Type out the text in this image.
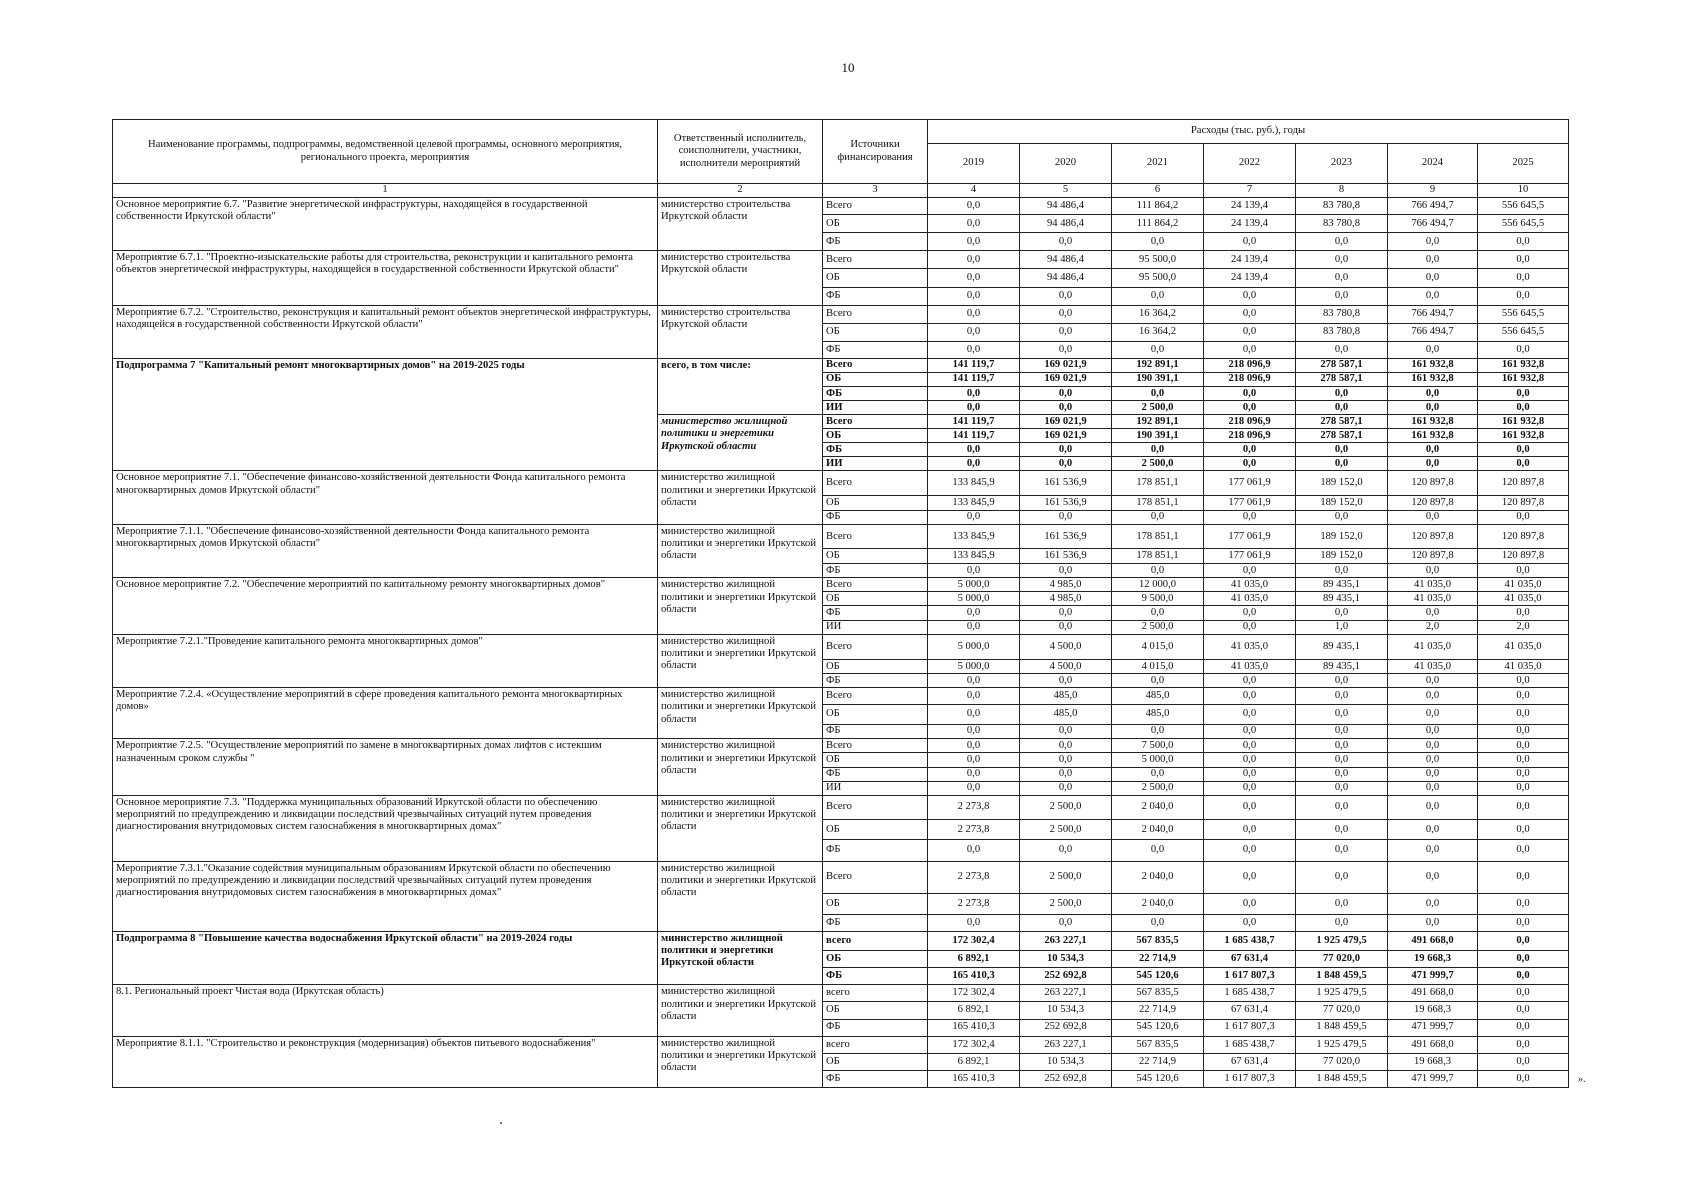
10
Наименование программы, подпрограммы, ведомственной целевой программы, основного мероприятия, регионального проекта, мероприятия	Ответственный исполнитель, соисполнители, участники, исполнители мероприятий	Источники финансирования	Расходы (тыс. руб.), годы						
			2019	2020	2021	2022	2023	2024	2025
1	2	3	4	5	6	7	8	9	10
Основное мероприятие 6.7. "Развитие энергетической инфраструктуры, находящейся в государственной собственности Иркутской области"	министерство строительства Иркутской области	Всего	0,0	94 486,4	111 864,2	24 139,4	83 780,8	766 494,7	556 645,5
		ОБ	0,0	94 486,4	111 864,2	24 139,4	83 780,8	766 494,7	556 645,5
		ФБ	0,0	0,0	0,0	0,0	0,0	0,0	0,0
Мероприятие 6.7.1. "Проектно-изыскательские работы для строительства, реконструкции и капитального ремонта объектов энергетической инфраструктуры, находящейся в государственной собственности Иркутской области"	министерство строительства Иркутской области	Всего	0,0	94 486,4	95 500,0	24 139,4	0,0	0,0	0,0
		ОБ	0,0	94 486,4	95 500,0	24 139,4	0,0	0,0	0,0
		ФБ	0,0	0,0	0,0	0,0	0,0	0,0	0,0
Мероприятие 6.7.2. "Строительство, реконструкция и капитальный ремонт объектов энергетической инфраструктуры, находящейся в государственной собственности Иркутской области"	министерство строительства Иркутской области	Всего	0,0	0,0	16 364,2	0,0	83 780,8	766 494,7	556 645,5
		ОБ	0,0	0,0	16 364,2	0,0	83 780,8	766 494,7	556 645,5
		ФБ	0,0	0,0	0,0	0,0	0,0	0,0	0,0
Подпрограмма 7 "Капитальный ремонт многоквартирных домов" на 2019-2025 годы	всего, в том числе:	Всего	141 119,7	169 021,9	192 891,1	218 096,9	278 587,1	161 932,8	161 932,8
		ОБ	141 119,7	169 021,9	190 391,1	218 096,9	278 587,1	161 932,8	161 932,8
		ФБ	0,0	0,0	0,0	0,0	0,0	0,0	0,0
		ИИ	0,0	0,0	2 500,0	0,0	0,0	0,0	0,0
	министерство жилищной политики и энергетики Иркутской области	Всего	141 119,7	169 021,9	192 891,1	218 096,9	278 587,1	161 932,8	161 932,8
		ОБ	141 119,7	169 021,9	190 391,1	218 096,9	278 587,1	161 932,8	161 932,8
		ФБ	0,0	0,0	0,0	0,0	0,0	0,0	0,0
		ИИ	0,0	0,0	2 500,0	0,0	0,0	0,0	0,0
Основное мероприятие 7.1. "Обеспечение финансово-хозяйственной деятельности Фонда капитального ремонта многоквартирных домов Иркутской области"	министерство жилищной политики и энергетики Иркутской области	Всего	133 845,9	161 536,9	178 851,1	177 061,9	189 152,0	120 897,8	120 897,8
		ОБ	133 845,9	161 536,9	178 851,1	177 061,9	189 152,0	120 897,8	120 897,8
		ФБ	0,0	0,0	0,0	0,0	0,0	0,0	0,0
Мероприятие 7.1.1. "Обеспечение финансово-хозяйственной деятельности Фонда капитального ремонта многоквартирных домов Иркутской области"	министерство жилищной политики и энергетики Иркутской области	Всего	133 845,9	161 536,9	178 851,1	177 061,9	189 152,0	120 897,8	120 897,8
		ОБ	133 845,9	161 536,9	178 851,1	177 061,9	189 152,0	120 897,8	120 897,8
		ФБ	0,0	0,0	0,0	0,0	0,0	0,0	0,0
Основное мероприятие 7.2. "Обеспечение мероприятий по капитальному ремонту многоквартирных домов"	министерство жилищной политики и энергетики Иркутской области	Всего	5 000,0	4 985,0	12 000,0	41 035,0	89 435,1	41 035,0	41 035,0
		ОБ	5 000,0	4 985,0	9 500,0	41 035,0	89 435,1	41 035,0	41 035,0
		ФБ	0,0	0,0	0,0	0,0	0,0	0,0	0,0
		ИИ	0,0	0,0	2 500,0	0,0	1,0	2,0	2,0
Мероприятие 7.2.1."Проведение капитального ремонта многоквартирных домов"	министерство жилищной политики и энергетики Иркутской области	Всего	5 000,0	4 500,0	4 015,0	41 035,0	89 435,1	41 035,0	41 035,0
		ОБ	5 000,0	4 500,0	4 015,0	41 035,0	89 435,1	41 035,0	41 035,0
		ФБ	0,0	0,0	0,0	0,0	0,0	0,0	0,0
Мероприятие 7.2.4. «Осуществление мероприятий в сфере проведения капитального ремонта многоквартирных домов»	министерство жилищной политики и энергетики Иркутской области	Всего	0,0	485,0	485,0	0,0	0,0	0,0	0,0
		ОБ	0,0	485,0	485,0	0,0	0,0	0,0	0,0
		ФБ	0,0	0,0	0,0	0,0	0,0	0,0	0,0
Мероприятие 7.2.5. "Осуществление мероприятий по замене в многоквартирных домах лифтов с истекшим назначенным сроком службы "	министерство жилищной политики и энергетики Иркутской области	Всего	0,0	0,0	7 500,0	0,0	0,0	0,0	0,0
		ОБ	0,0	0,0	5 000,0	0,0	0,0	0,0	0,0
		ФБ	0,0	0,0	0,0	0,0	0,0	0,0	0,0
		ИИ	0,0	0,0	2 500,0	0,0	0,0	0,0	0,0
Основное мероприятие 7.3. "Поддержка муниципальных образований Иркутской области по обеспечению мероприятий по предупреждению и ликвидации последствий чрезвычайных ситуаций путем проведения диагностирования внутридомовых систем газоснабжения в многоквартирных домах"	министерство жилищной политики и энергетики Иркутской области	Всего	2 273,8	2 500,0	2 040,0	0,0	0,0	0,0	0,0
		ОБ	2 273,8	2 500,0	2 040,0	0,0	0,0	0,0	0,0
		ФБ	0,0	0,0	0,0	0,0	0,0	0,0	0,0
Мероприятие 7.3.1."Оказание содействия муниципальным образованиям Иркутской области по обеспечению мероприятий по предупреждению и ликвидации последствий чрезвычайных ситуаций путем проведения диагностирования внутридомовых систем газоснабжения в многоквартирных домах"	министерство жилищной политики и энергетики Иркутской области	Всего	2 273,8	2 500,0	2 040,0	0,0	0,0	0,0	0,0
		ОБ	2 273,8	2 500,0	2 040,0	0,0	0,0	0,0	0,0
		ФБ	0,0	0,0	0,0	0,0	0,0	0,0	0,0
Подпрограмма 8 "Повышение качества водоснабжения Иркутской области" на 2019-2024 годы	министерство жилищной политики и энергетики Иркутской области	всего	172 302,4	263 227,1	567 835,5	1 685 438,7	1 925 479,5	491 668,0	0,0
		ОБ	6 892,1	10 534,3	22 714,9	67 631,4	77 020,0	19 668,3	0,0
		ФБ	165 410,3	252 692,8	545 120,6	1 617 807,3	1 848 459,5	471 999,7	0,0
8.1. Региональный проект Чистая вода (Иркутская область)	министерство жилищной политики и энергетики Иркутской области	всего	172 302,4	263 227,1	567 835,5	1 685 438,7	1 925 479,5	491 668,0	0,0
		ОБ	6 892,1	10 534,3	22 714,9	67 631,4	77 020,0	19 668,3	0,0
		ФБ	165 410,3	252 692,8	545 120,6	1 617 807,3	1 848 459,5	471 999,7	0,0
Мероприятие 8.1.1. "Строительство и реконструкция (модернизация) объектов питьевого водоснабжения"	министерство жилищной политики и энергетики Иркутской области	всего	172 302,4	263 227,1	567 835,5	1 685 438,7	1 925 479,5	491 668,0	0,0
		ОБ	6 892,1	10 534,3	22 714,9	67 631,4	77 020,0	19 668,3	0,0
		ФБ	165 410,3	252 692,8	545 120,6	1 617 807,3	1 848 459,5	471 999,7	0,0	».
